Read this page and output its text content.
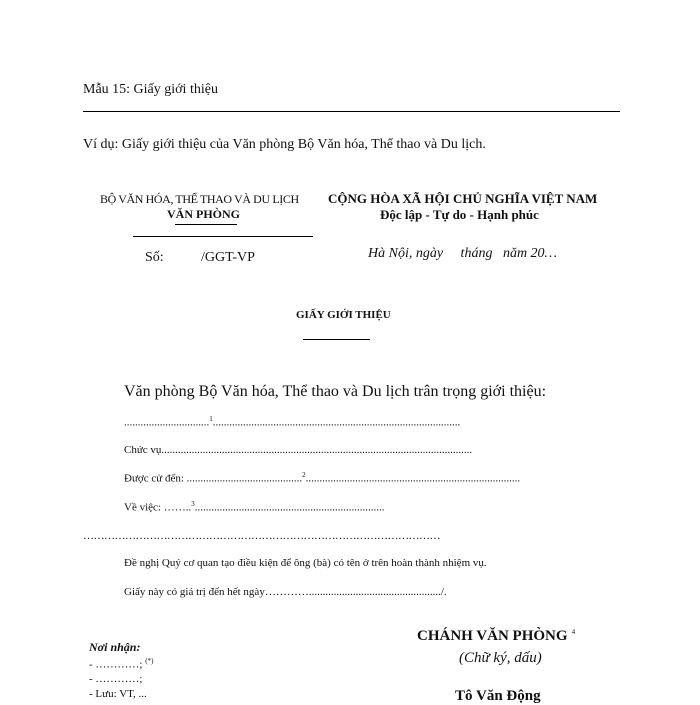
Mẫu 15: Giấy giới thiệu
Ví dụ: Giấy giới thiệu của Văn phòng Bộ Văn hóa, Thể thao và Du lịch.
BỘ VĂN HÓA, THỂ THAO VÀ DU LỊCH
VĂN PHÒNG
Số:	/GGT-VP
CỘNG HÒA XÃ HỘI CHỦ NGHĨA VIỆT NAM
Độc lập - Tự do - Hạnh phúc
Hà Nội, ngày     tháng   năm 20…
GIẤY GIỚI THIỆU
Văn phòng Bộ Văn hóa, Thể thao và Du lịch trân trọng giới thiệu:
...............................$^1$..........................................................................................
Chức vụ.................................................................................................................
Được cử đến: ..........................................$^2$..............................................................................
Về việc: ……..$^3$.....................................................................
…………………………………………………………………………………………
Đề nghị Quý cơ quan tạo điều kiện để ông (bà) có tên ở trên hoàn thành nhiệm vụ.
Giấy này có giá trị đến hết ngày…………................................................/.
Nơi nhận:
- …………; (*)
- …………;
- Lưu: VT, ...
CHÁNH VĂN PHÒNG $^4$
(Chữ ký, dấu)
Tô Văn Động
